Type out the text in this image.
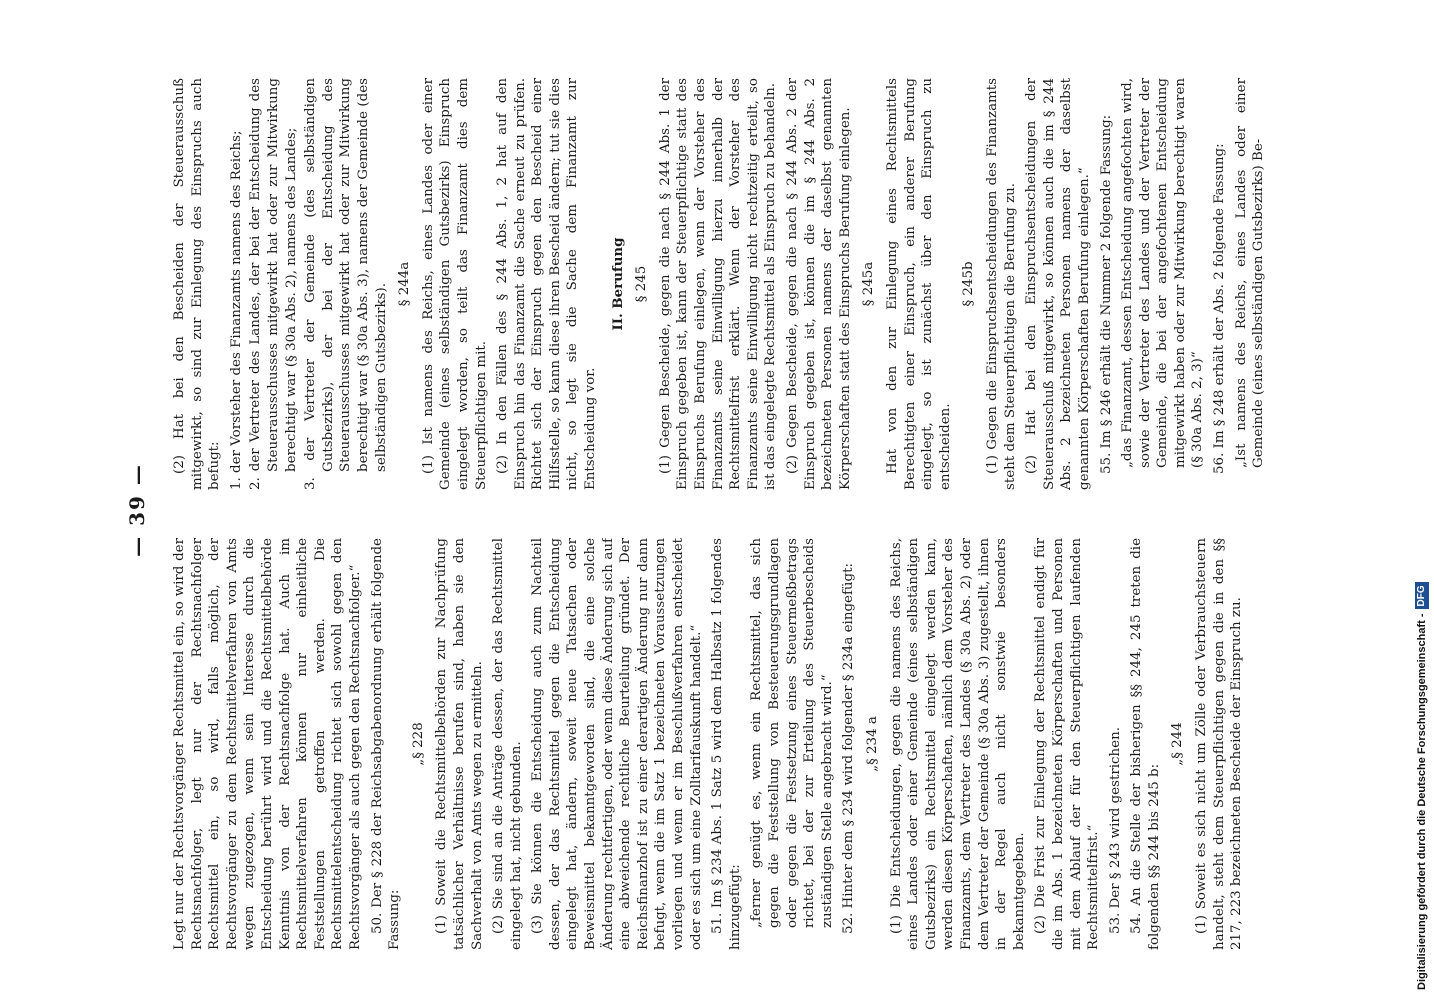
— 39 —

Legt nur der Rechtsvorgänger Rechtsmittel ein, so wird der Rechtsnachfolger, legt nur der Rechtsnachfolger Rechtsmittel ein, so wird, falls möglich, der Rechtsvorgänger zu dem Rechtsmittelverfahren von Amts wegen zugezogen, wenn sein Interesse durch die Entscheidung berührt wird und die Rechtsmittelbehörde Kenntnis von der Rechtsnachfolge hat. Auch im Rechtsmittelverfahren können nur einheitliche Feststellungen getroffen werden. Die Rechtsmittelentscheidung richtet sich sowohl gegen den Rechtsvorgänger als auch gegen den Rechtsnachfolger.“ 50. Der § 228 der Reichsabgabenordnung erhält folgende Fassung:

„§ 228 (1) Soweit die Rechtsmittelbehörden zur Nachprüfung tatsächlicher Verhältnisse berufen sind, haben sie den Sachverhalt von Amts wegen zu ermitteln. (2) Sie sind an die Anträge dessen, der das Rechtsmittel eingelegt hat, nicht gebunden. (3) Sie können die Entscheidung auch zum Nachteil dessen, der das Rechtsmittel gegen die Entscheidung eingelegt hat, ändern, soweit neue Tatsachen oder Beweismittel bekanntgeworden sind, die eine solche Änderung rechtfertigen, oder wenn diese Änderung sich auf eine abweichende rechtliche Beurteilung gründet. Der Reichsfinanzhof ist zu einer derartigen Änderung nur dann befugt, wenn die im Satz 1 bezeichneten Voraussetzungen vorliegen und wenn er im Beschlußverfahren entscheidet oder es sich um eine Zolltarifauskunft handelt.“ 51. Im § 234 Abs. 1 Satz 5 wird dem Halbsatz 1 folgendes hinzugefügt: „ferner genügt es, wenn ein Rechtsmittel, das sich gegen die Feststellung von Besteuerungsgrundlagen oder gegen die Festsetzung eines Steuermeßbetrags richtet, bei der zur Erteilung des Steuerbescheids zuständigen Stelle angebracht wird.“ 52. Hinter dem § 234 wird folgender § 234a eingefügt: „§ 234 a (1) Die Entscheidungen, gegen die namens des Reichs, eines Landes oder einer Gemeinde (eines selbständigen Gutsbezirks) ein Rechtsmittel eingelegt werden kann, werden diesen Körperschaften, nämlich dem Vorsteher des Finanzamts, dem Vertreter des Landes (§ 30a Abs. 2) oder dem Vertreter der Gemeinde (§ 30a Abs. 3) zugestellt, ihnen in der Regel auch nicht sonstwie besonders bekanntgegeben. (2) Die Frist zur Einlegung der Rechtsmittel endigt für die im Abs. 1 bezeichneten Körperschaften und Personen mit dem Ablauf der für den Steuerpflichtigen laufenden Rechtsmittelfrist.“ 53. Der § 243 wird gestrichen. 54. An die Stelle der bisherigen §§ 244, 245 treten die folgenden §§ 244 bis 245 b:

„§ 244 (1) Soweit es sich nicht um Zölle oder Verbrauchsteuern handelt, steht dem Steuerpflichtigen gegen die in den §§ 217, 223 bezeichneten Bescheide der Einspruch zu.

(2) Hat bei den Bescheiden der Steuerausschuß mitgewirkt, so sind zur Einlegung des Einspruchs auch befugt: 1. der Vorsteher des Finanzamts namens des Reichs; 2. der Vertreter des Landes, der bei der Entscheidung des Steuerausschusses mitgewirkt hat oder zur Mitwirkung berechtigt war (§ 30a Abs. 2), namens des Landes; 3. der Vertreter der Gemeinde (des selbständigen Gutsbezirks), der bei der Entscheidung des Steuerausschusses mitgewirkt hat oder zur Mitwirkung berechtigt war (§ 30a Abs. 3), namens der Gemeinde (des selbständigen Gutsbezirks). § 244a (1) Ist namens des Reichs, eines Landes oder einer Gemeinde (eines selbständigen Gutsbezirks) Einspruch eingelegt worden, so teilt das Finanzamt dies dem Steuerpflichtigen mit. (2) In den Fällen des § 244 Abs. 1, 2 hat auf den Einspruch hin das Finanzamt die Sache erneut zu prüfen. Richtet sich der Einspruch gegen den Bescheid einer Hilfsstelle, so kann diese ihren Bescheid ändern; tut sie dies nicht, so legt sie die Sache dem Finanzamt zur Entscheidung vor.

II. Berufung § 245 (1) Gegen Bescheide, gegen die nach § 244 Abs. 1 der Einspruch gegeben ist, kann der Steuerpflichtige statt des Einspruchs Berufung einlegen, wenn der Vorsteher des Finanzamts seine Einwilligung hierzu innerhalb der Rechtsmittelfrist erklärt. Wenn der Vorsteher des Finanzamts seine Einwilligung nicht rechtzeitig erteilt, so ist das eingelegte Rechtsmittel als Einspruch zu behandeln. (2) Gegen Bescheide, gegen die nach § 244 Abs. 2 der Einspruch gegeben ist, können die im § 244 Abs. 2 bezeichneten Personen namens der daselbst genannten Körperschaften statt des Einspruchs Berufung einlegen. § 245a Hat von den zur Einlegung eines Rechtsmittels Berechtigten einer Einspruch, ein anderer Berufung eingelegt, so ist zunächst über den Einspruch zu entscheiden.

§ 245b (1) Gegen die Einspruchsentscheidungen des Finanzamts steht dem Steuerpflichtigen die Berufung zu. (2) Hat bei den Einspruchsentscheidungen der Steuerausschuß mitgewirkt, so können auch die im § 244 Abs. 2 bezeichneten Personen namens der daselbst genannten Körperschaften Berufung einlegen.“ 55. Im § 246 erhält die Nummer 2 folgende Fassung: „das Finanzamt, dessen Entscheidung angefochten wird, sowie der Vertreter des Landes und der Vertreter der Gemeinde, die bei der angefochtenen Entscheidung mitgewirkt haben oder zur Mitwirkung berechtigt waren (§ 30a Abs. 2, 3)“ 56. Im § 248 erhält der Abs. 2 folgende Fassung: „Ist namens des Reichs, eines Landes oder einer Gemeinde (eines selbständigen Gutsbezirks) Be-

Digitalisierung gefördert durch die Deutsche Forschungsgemeinschaft -DFG
